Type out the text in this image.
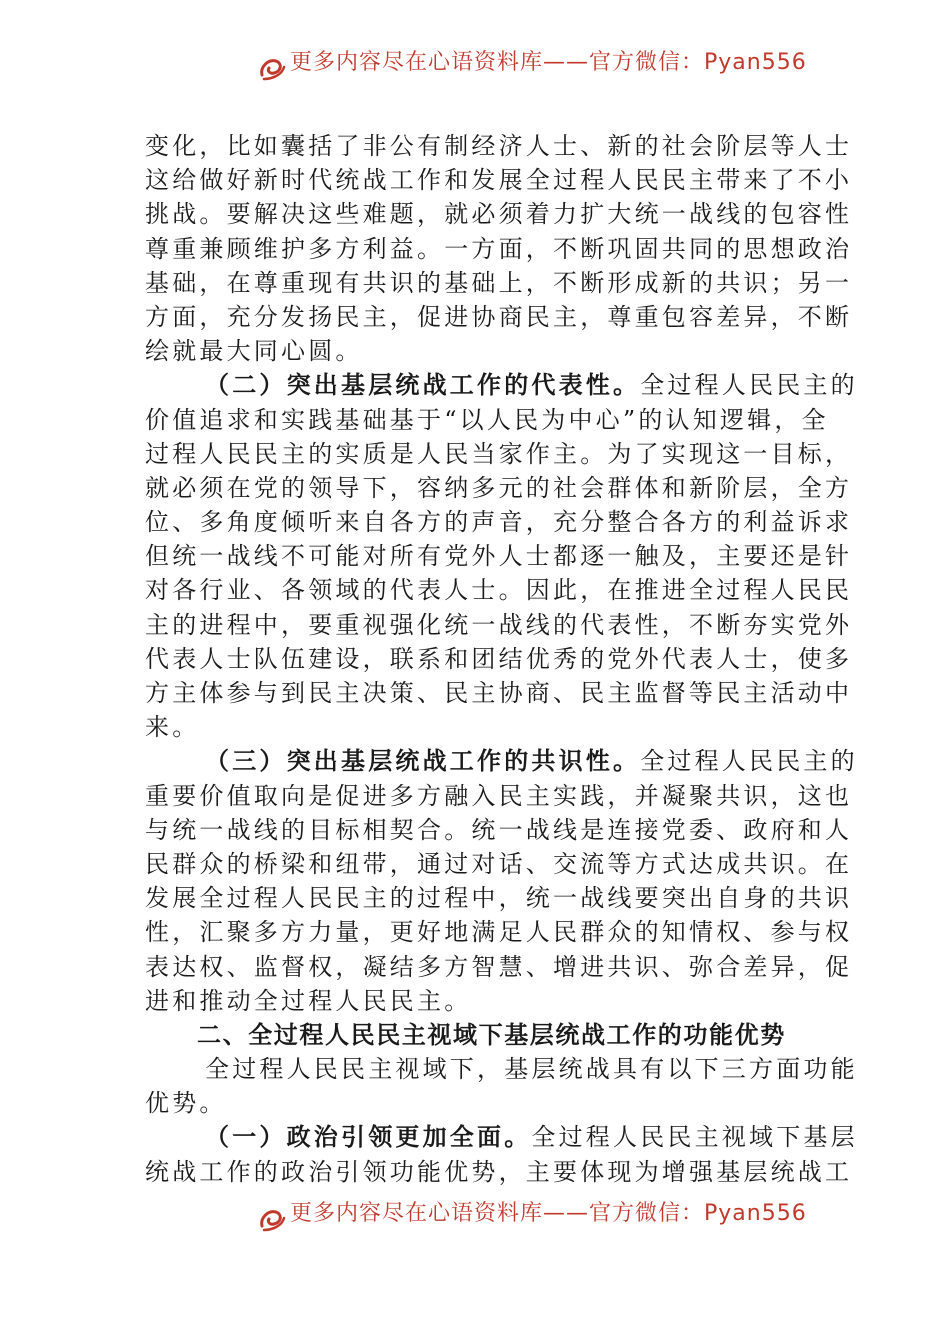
更多内容尽在心语资料库——官方微信：Pyan556
变化，比如囊括了非公有制经济人士、新的社会阶层等人士
这给做好新时代统战工作和发展全过程人民民主带来了不小
挑战。要解决这些难题，就必须着力扩大统一战线的包容性
尊重兼顾维护多方利益。一方面，不断巩固共同的思想政治
基础，在尊重现有共识的基础上，不断形成新的共识；另一
方面，充分发扬民主，促进协商民主，尊重包容差异，不断
绘就最大同心圆。
（二）突出基层统战工作的代表性。全过程人民民主的
价值追求和实践基础基于“以人民为中心”的认知逻辑，全
过程人民民主的实质是人民当家作主。为了实现这一目标，
就必须在党的领导下，容纳多元的社会群体和新阶层，全方
位、多角度倾听来自各方的声音，充分整合各方的利益诉求
但统一战线不可能对所有党外人士都逐一触及，主要还是针
对各行业、各领域的代表人士。因此，在推进全过程人民民
主的进程中，要重视强化统一战线的代表性，不断夯实党外
代表人士队伍建设，联系和团结优秀的党外代表人士，使多
方主体参与到民主决策、民主协商、民主监督等民主活动中
来。
（三）突出基层统战工作的共识性。全过程人民民主的
重要价值取向是促进多方融入民主实践，并凝聚共识，这也
与统一战线的目标相契合。统一战线是连接党委、政府和人
民群众的桥梁和纽带，通过对话、交流等方式达成共识。在
发展全过程人民民主的过程中，统一战线要突出自身的共识
性，汇聚多方力量，更好地满足人民群众的知情权、参与权
表达权、监督权，凝结多方智慧、增进共识、弥合差异，促
进和推动全过程人民民主。
二、全过程人民民主视域下基层统战工作的功能优势
全过程人民民主视域下，基层统战具有以下三方面功能
优势。
（一）政治引领更加全面。全过程人民民主视域下基层
统战工作的政治引领功能优势，主要体现为增强基层统战工
更多内容尽在心语资料库——官方微信：Pyan556
